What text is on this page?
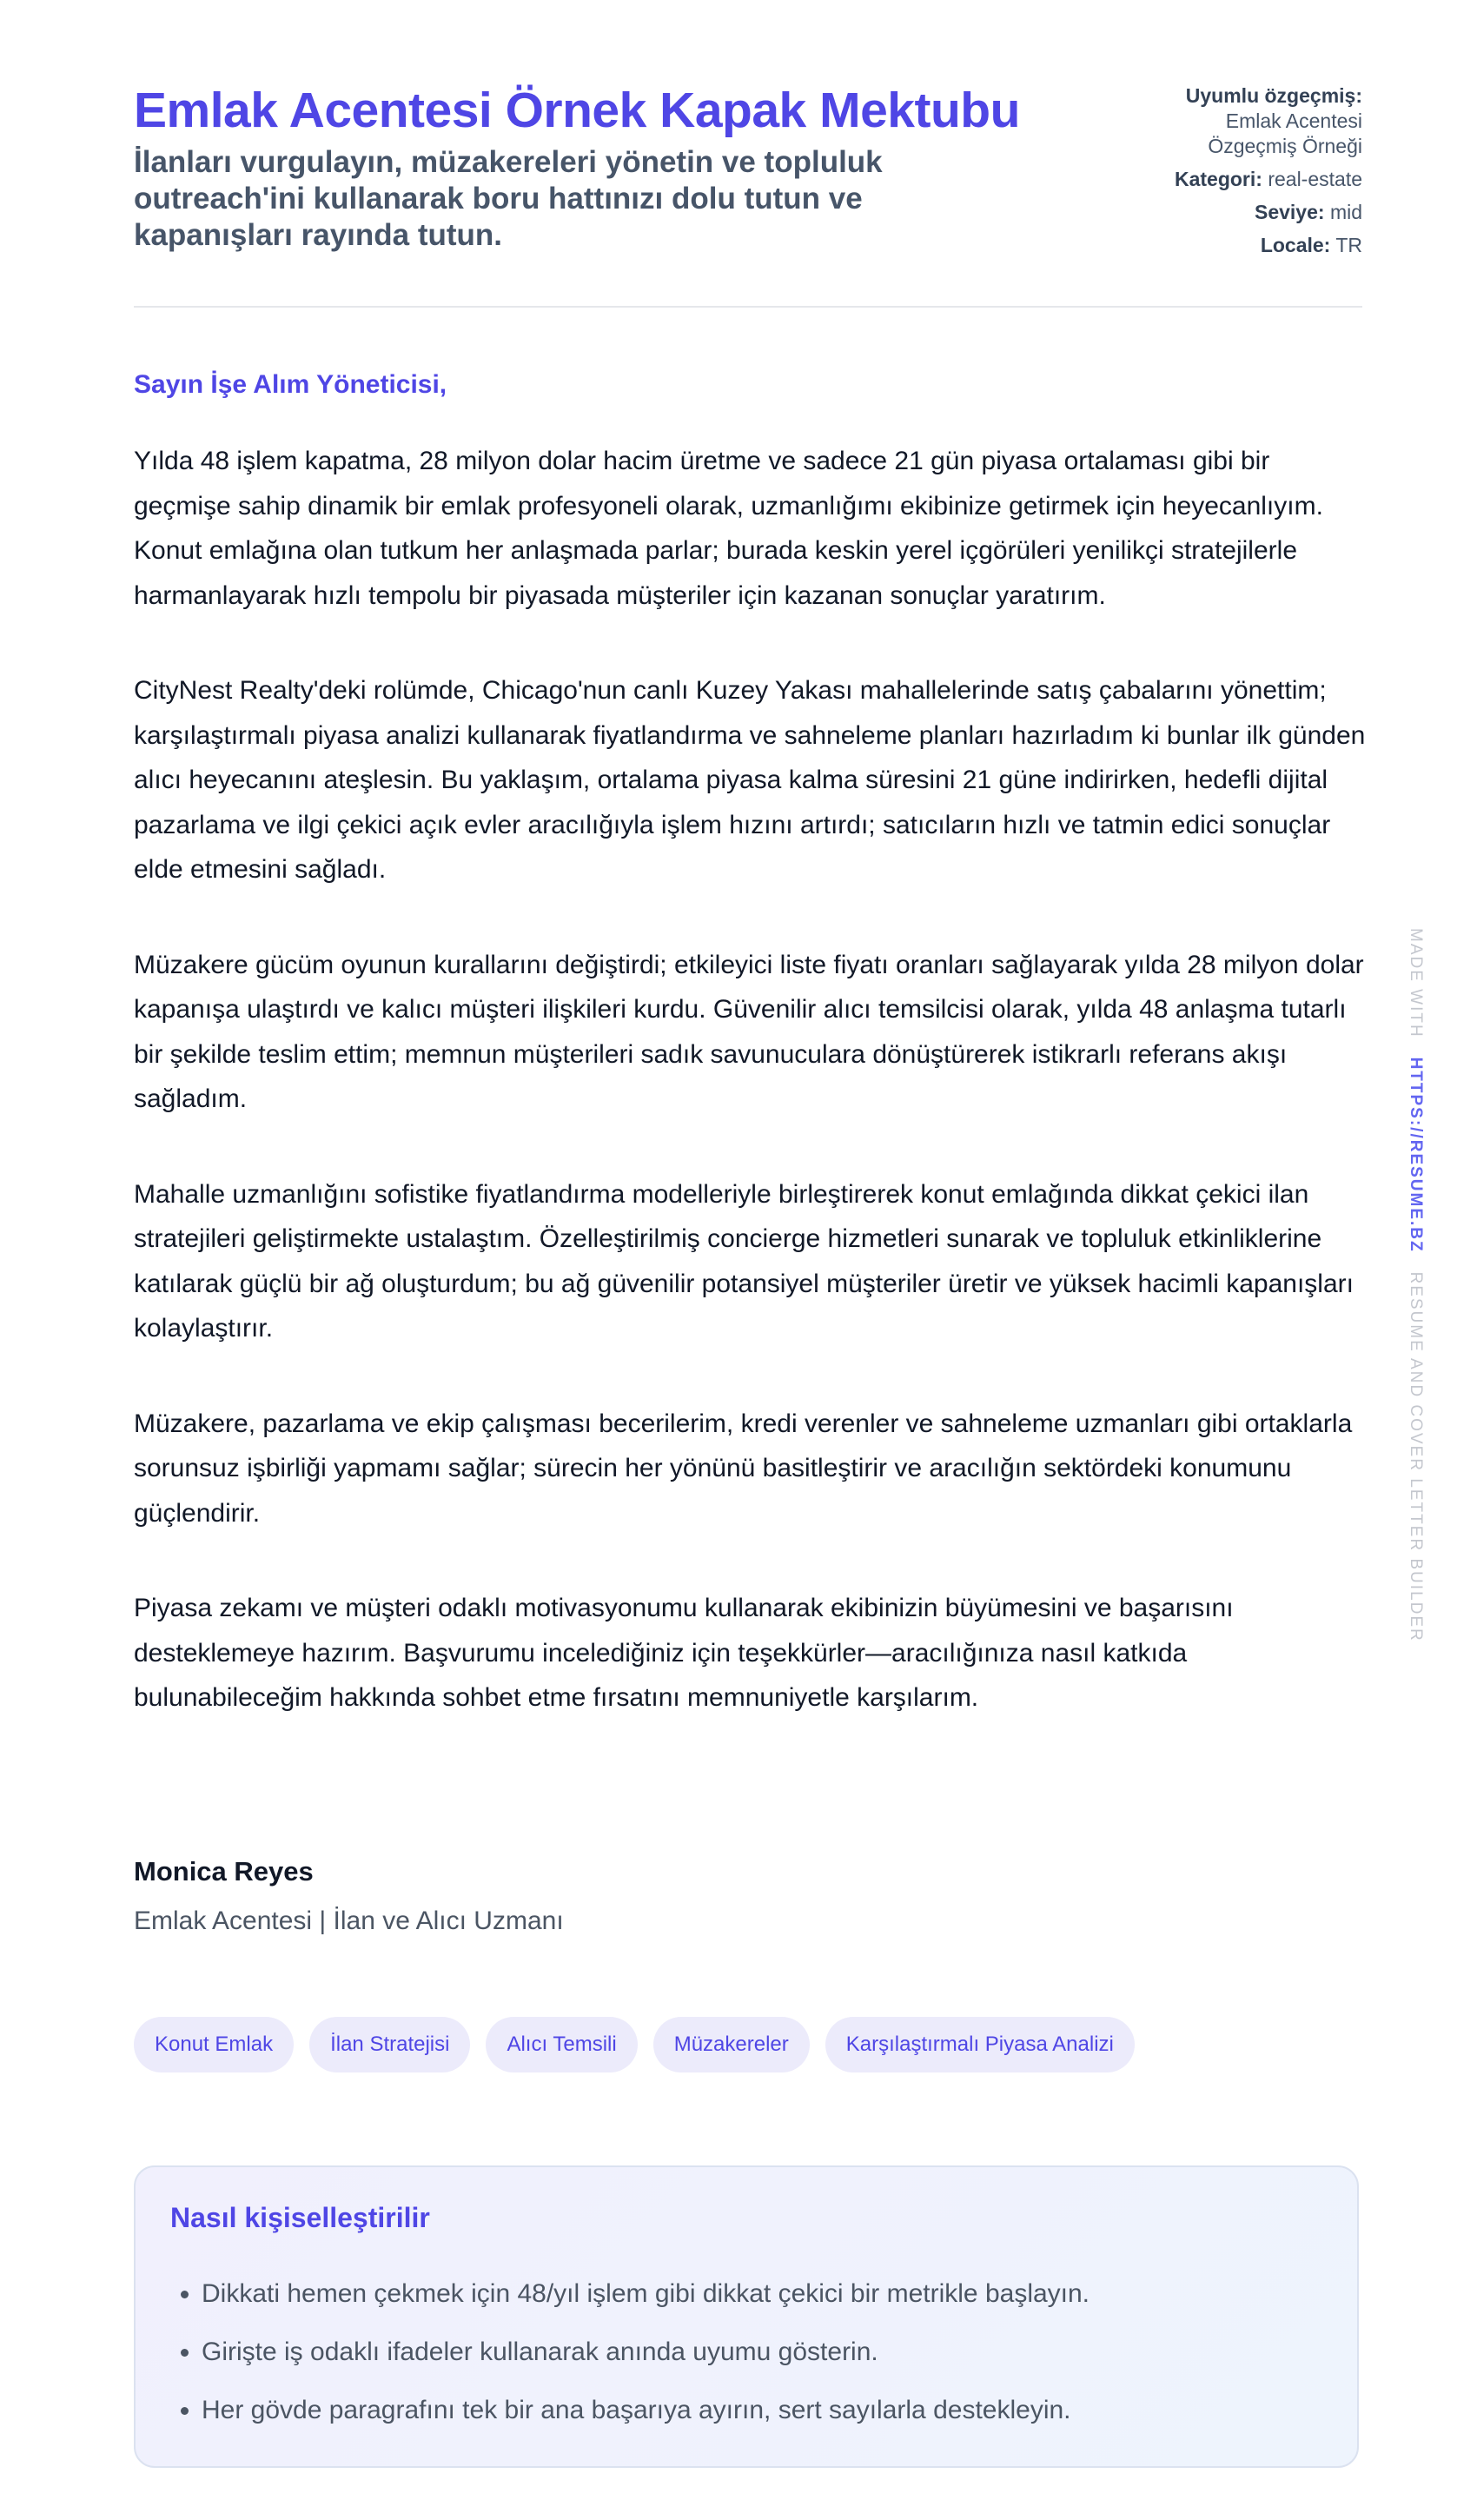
Emlak Acentesi Örnek Kapak Mektubu

İlanları vurgulayın, müzakereleri yönetin ve topluluk outreach'ini kullanarak boru hattınızı dolu tutun ve kapanışları rayında tutun.

Uyumlu özgeçmiş:
Emlak Acentesi
Özgeçmiş Örneği
Kategori: real-estate
Seviye: mid
Locale: TR
Sayın İşe Alım Yöneticisi,

Yılda 48 işlem kapatma, 28 milyon dolar hacim üretme ve sadece 21 gün piyasa ortalaması gibi bir geçmişe sahip dinamik bir emlak profesyoneli olarak, uzmanlığımı ekibinize getirmek için heyecanlıyım. Konut emlağına olan tutkum her anlaşmada parlar; burada keskin yerel içgörüleri yenilikçi stratejilerle harmanlayarak hızlı tempolu bir piyasada müşteriler için kazanan sonuçlar yaratırım.

CityNest Realty'deki rolümde, Chicago'nun canlı Kuzey Yakası mahallelerinde satış çabalarını yönettim; karşılaştırmalı piyasa analizi kullanarak fiyatlandırma ve sahneleme planları hazırladım ki bunlar ilk günden alıcı heyecanını ateşlesin. Bu yaklaşım, ortalama piyasa kalma süresini 21 güne indirirken, hedefli dijital pazarlama ve ilgi çekici açık evler aracılığıyla işlem hızını artırdı; satıcıların hızlı ve tatmin edici sonuçlar elde etmesini sağladı.

Müzakere gücüm oyunun kurallarını değiştirdi; etkileyici liste fiyatı oranları sağlayarak yılda 28 milyon dolar kapanışa ulaştırdı ve kalıcı müşteri ilişkileri kurdu. Güvenilir alıcı temsilcisi olarak, yılda 48 anlaşma tutarlı bir şekilde teslim ettim; memnun müşterileri sadık savunuculara dönüştürerek istikrarlı referans akışı sağladım.

Mahalle uzmanlığını sofistike fiyatlandırma modelleriyle birleştirerek konut emlağında dikkat çekici ilan stratejileri geliştirmekte ustalaştım. Özelleştirilmiş concierge hizmetleri sunarak ve topluluk etkinliklerine katılarak güçlü bir ağ oluşturdum; bu ağ güvenilir potansiyel müşteriler üretir ve yüksek hacimli kapanışları kolaylaştırır.

Müzakere, pazarlama ve ekip çalışması becerilerim, kredi verenler ve sahneleme uzmanları gibi ortaklarla sorunsuz işbirliği yapmamı sağlar; sürecin her yönünü basitleştirir ve aracılığın sektördeki konumunu güçlendirir.

Piyasa zekamı ve müşteri odaklı motivasyonumu kullanarak ekibinizin büyümesini ve başarısını desteklemeye hazırım. Başvurumu incelediğiniz için teşekkürler—aracılığınıza nasıl katkıda bulunabileceğim hakkında sohbet etme fırsatını memnuniyetle karşılarım.

Monica Reyes
Emlak Acentesi | İlan ve Alıcı Uzmanı
Konut Emlak	İlan Stratejisi	Alıcı Temsili	Müzakereler	Karşılaştırmalı Piyasa Analizi
Nasıl kişiselleştirilir
• Dikkati hemen çekmek için 48/yıl işlem gibi dikkat çekici bir metrikle başlayın.
• Girişte iş odaklı ifadeler kullanarak anında uyumu gösterin.
• Her gövde paragrafını tek bir ana başarıya ayırın, sert sayılarla destekleyin.
MADE WITH   HTTPS://RESUME.BZ   RESUME AND COVER LETTER BUILDER
